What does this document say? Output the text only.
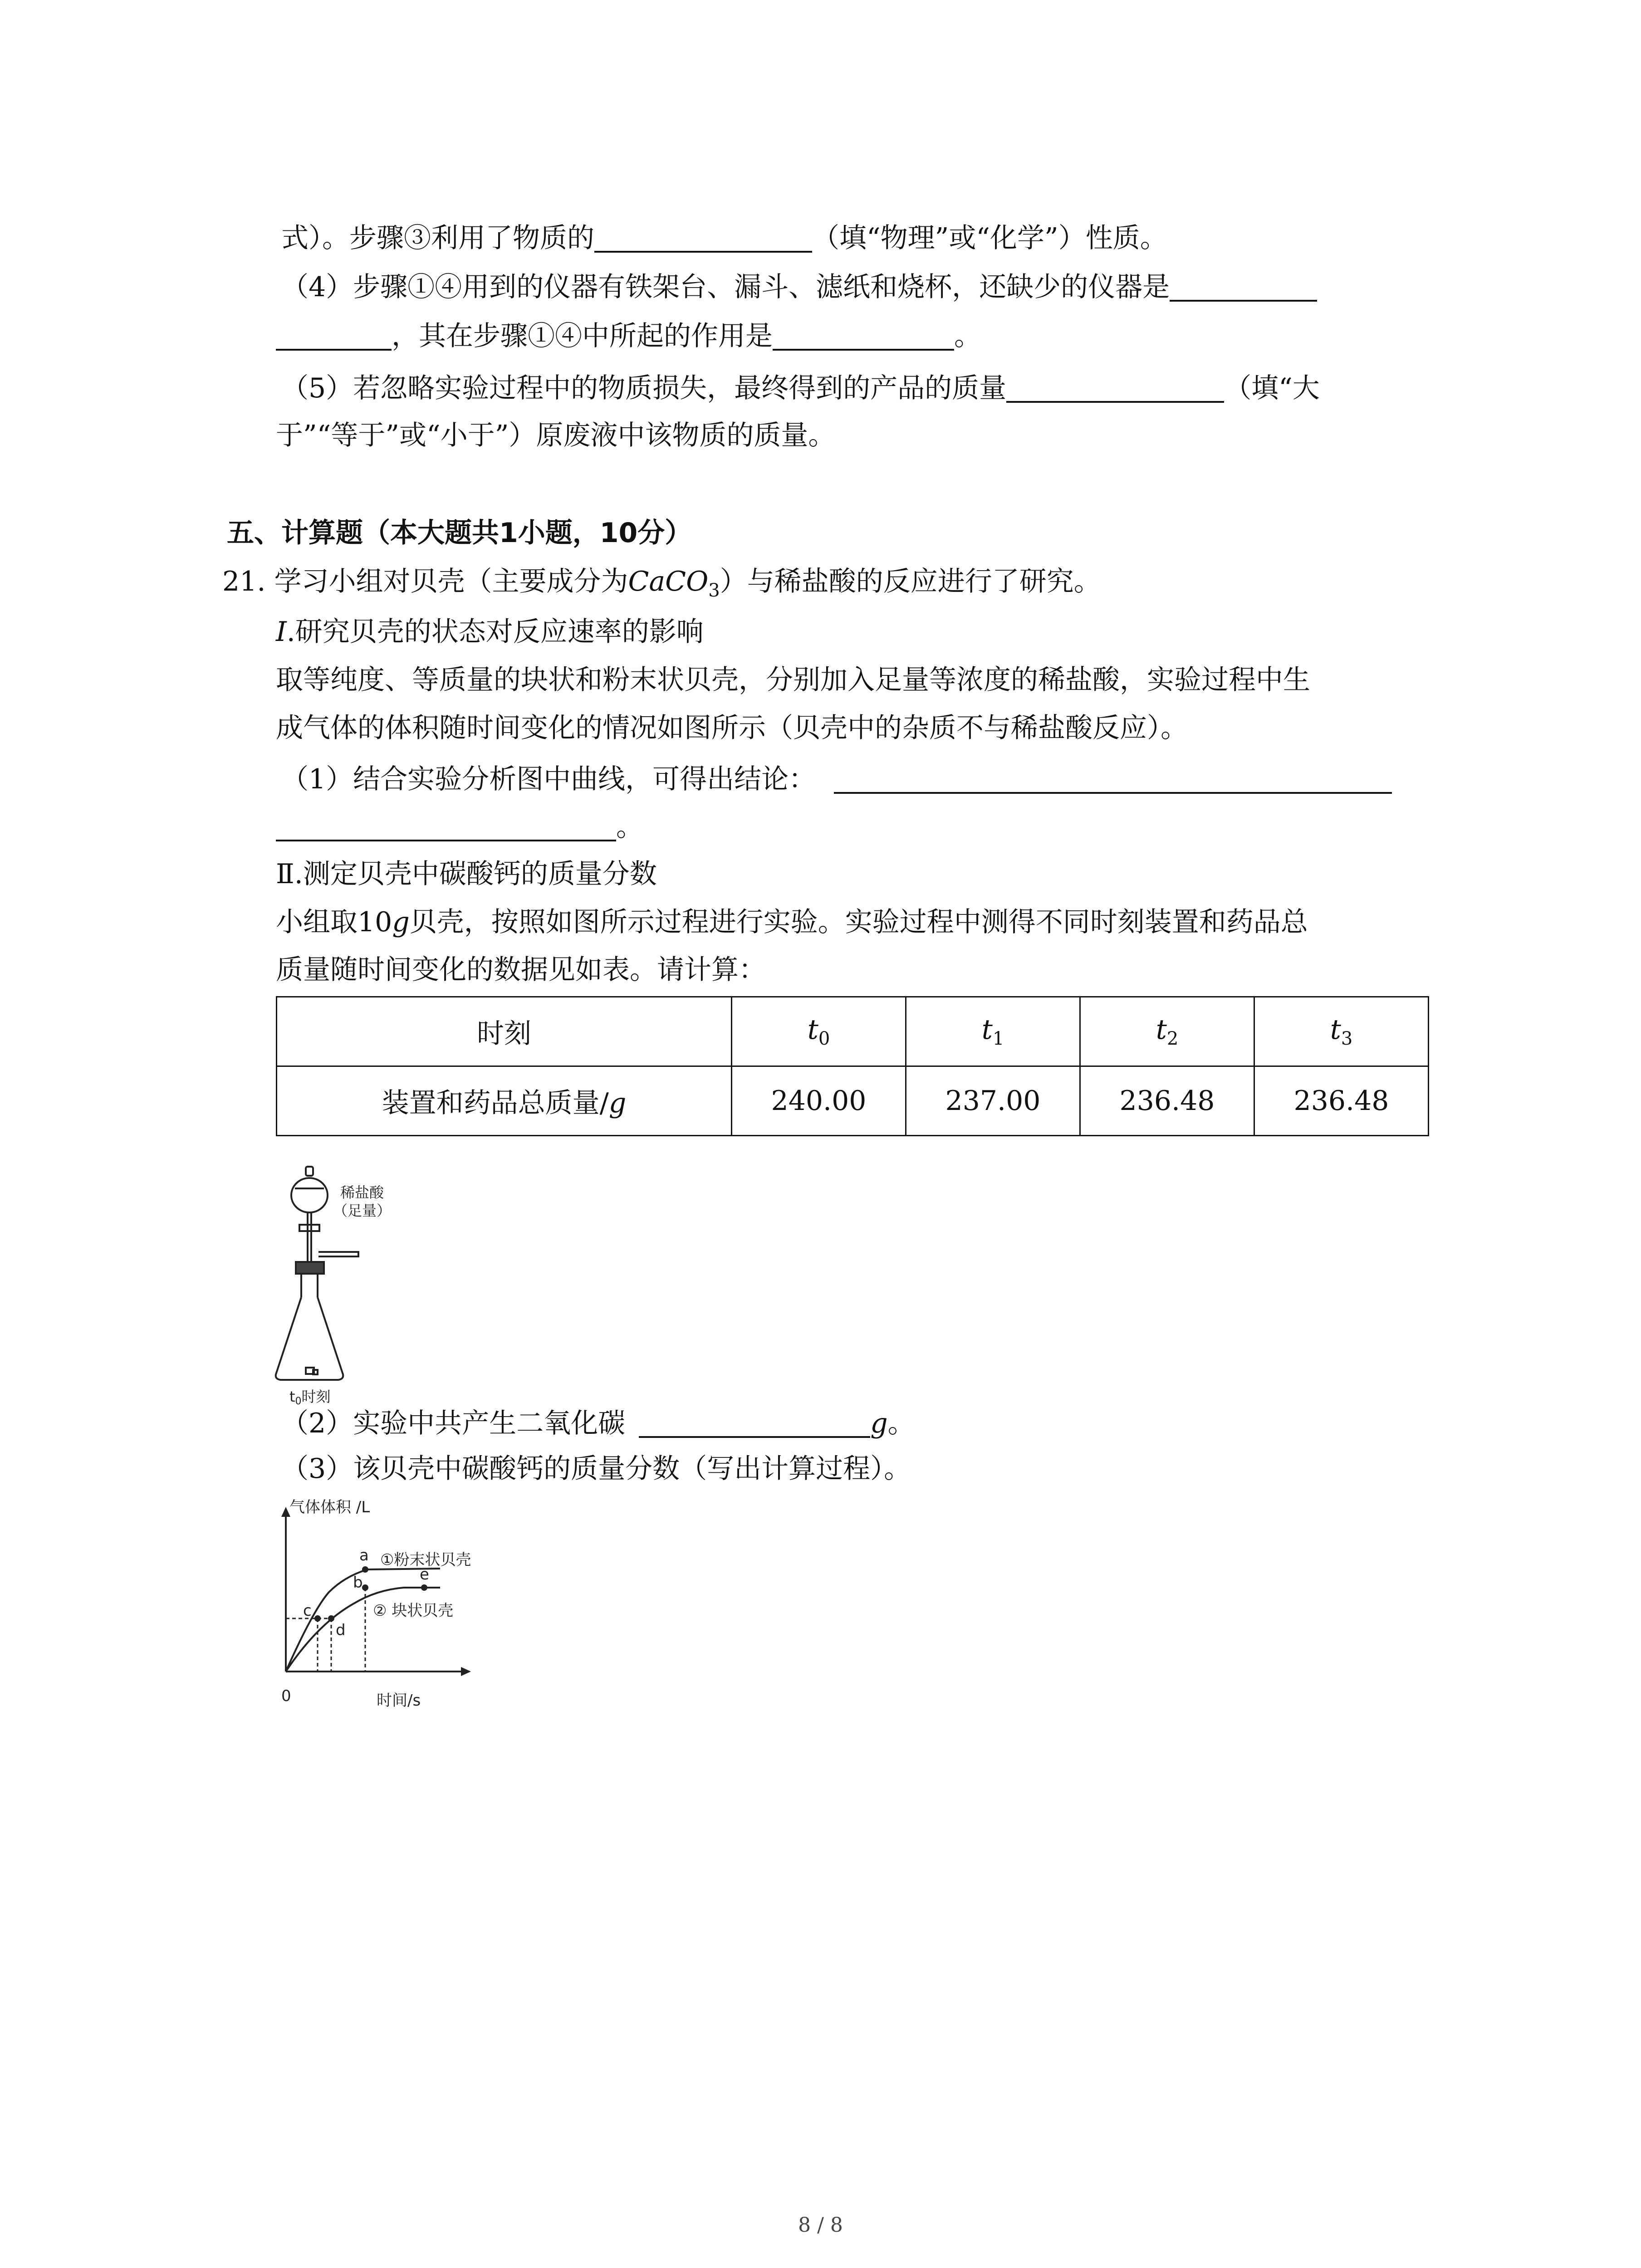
式）。步骤③利用了物质的	（填“物理”或“化学”）性质。
（4）步骤①④用到的仪器有铁架台、漏斗、滤纸和烧杯，还缺少的仪器是
，其在步骤①④中所起的作用是	。
（5）若忽略实验过程中的物质损失，最终得到的产品的质量	（填“大
于”“等于”或“小于”）原废液中该物质的质量。
五、计算题（本大题共1小题，10分）
21. 学习小组对贝壳（主要成分为CaCO$_3$）与稀盐酸的反应进行了研究。
I.研究贝壳的状态对反应速率的影响
取等纯度、等质量的块状和粉末状贝壳，分别加入足量等浓度的稀盐酸，实验过程中生
成气体的体积随时间变化的情况如图所示（贝壳中的杂质不与稀盐酸反应）。
（1）结合实验分析图中曲线，可得出结论：
。
Ⅱ.测定贝壳中碳酸钙的质量分数
小组取10g贝壳，按照如图所示过程进行实验。实验过程中测得不同时刻装置和药品总
质量随时间变化的数据见如表。请计算：
时刻	$t_0$	$t_1$	$t_2$	$t_3$
装置和药品总质量/g	240.00	237.00	236.48	236.48
稀盐酸
（足量）
t0时刻
（2）实验中共产生二氧化碳	g。
（3）该贝壳中碳酸钙的质量分数（写出计算过程）。
气体体积 /L
时间/s
0
①粉末状贝壳
② 块状贝壳
a
b
c
d
e
8 / 8
